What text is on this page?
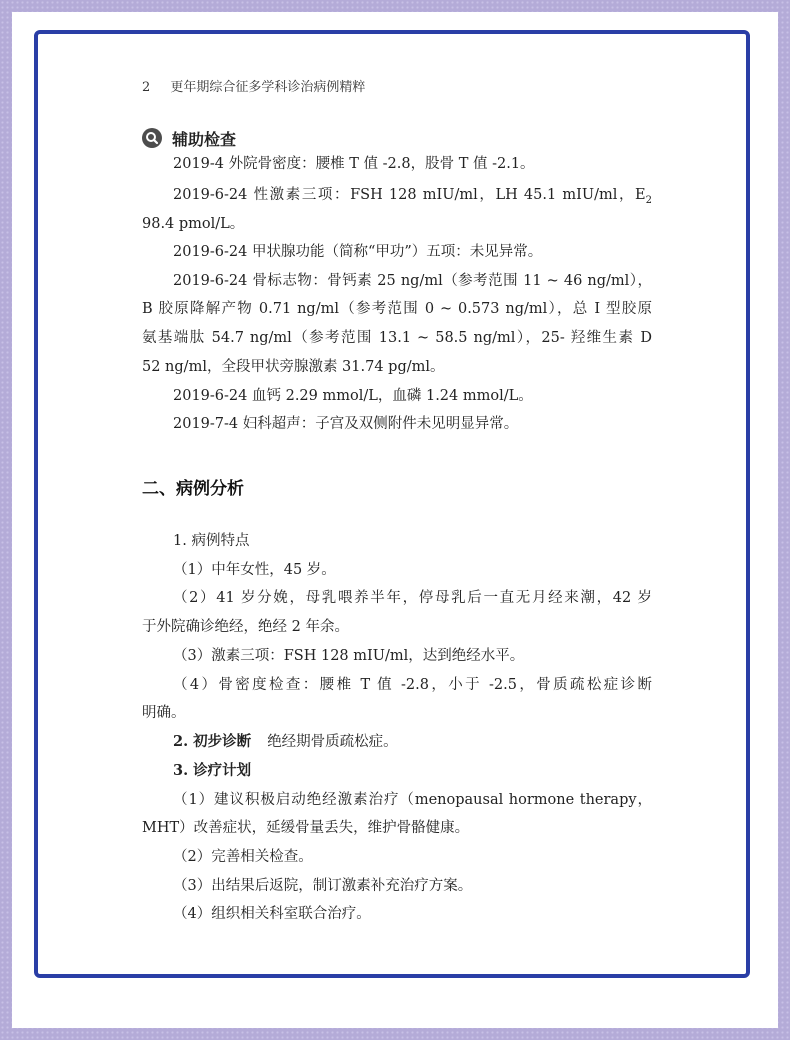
2 更年期综合征多学科诊治病例精粹
辅助检查
2019-4 外院骨密度：腰椎 T 值 -2.8，股骨 T 值 -2.1。
2019-6-24 性激素三项：FSH 128 mIU/ml，LH 45.1 mIU/ml，$E_2$
98.4 pmol/L。
2019-6-24 甲状腺功能（简称“甲功”）五项：未见异常。
2019-6-24 骨标志物：骨钙素 25 ng/ml（参考范围 11 ~ 46 ng/ml），
B 胶原降解产物 0.71 ng/ml（参考范围 0 ~ 0.573 ng/ml），总 I 型胶原
氨基端肽 54.7 ng/ml（参考范围 13.1 ~ 58.5 ng/ml），25- 羟维生素 D
52 ng/ml，全段甲状旁腺激素 31.74 pg/ml。
2019-6-24 血钙 2.29 mmol/L，血磷 1.24 mmol/L。
2019-7-4 妇科超声：子宫及双侧附件未见明显异常。
二、病例分析
1. 病例特点
（1）中年女性，45 岁。
（2）41 岁分娩，母乳喂养半年，停母乳后一直无月经来潮，42 岁
于外院确诊绝经，绝经 2 年余。
（3）激素三项：FSH 128 mIU/ml，达到绝经水平。
（4）骨密度检查：腰椎 T 值 -2.8，小于 -2.5，骨质疏松症诊断
明确。
2. 初步诊断 绝经期骨质疏松症。
3. 诊疗计划
（1）建议积极启动绝经激素治疗（menopausal hormone therapy，
MHT）改善症状，延缓骨量丢失，维护骨骼健康。
（2）完善相关检查。
（3）出结果后返院，制订激素补充治疗方案。
（4）组织相关科室联合治疗。
